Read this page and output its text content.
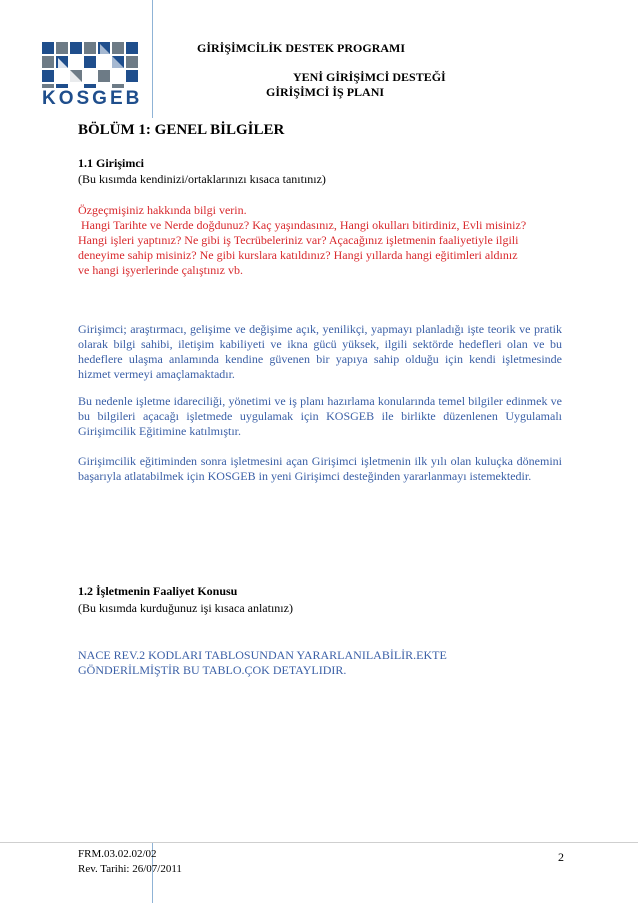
KOSGEB
GİRİŞİMCİLİK DESTEK PROGRAMI
YENİ GİRİŞİMCİ DESTEĞİ
GİRİŞİMCİ İŞ PLANI
BÖLÜM 1: GENEL BİLGİLER
1.1 Girişimci
(Bu kısımda kendinizi/ortaklarınızı kısaca tanıtınız)

Özgeçmişiniz hakkında bilgi verin.

Hangi Tarihte ve Nerde doğdunuz? Kaç yaşındasınız, Hangi okulları bitirdiniz, Evli misiniz?

Hangi işleri yaptınız? Ne gibi iş Tecrübeleriniz var? Açacağınız işletmenin faaliyetiyle ilgili

deneyime sahip misiniz? Ne gibi kurslara katıldınız? Hangi yıllarda hangi eğitimleri aldınız

ve hangi işyerlerinde çalıştınız vb.

Girişimci; araştırmacı, gelişime ve değişime açık, yenilikçi, yapmayı planladığı işte teorik ve pratik olarak bilgi sahibi, iletişim kabiliyeti ve ikna gücü yüksek, ilgili sektörde hedefleri olan ve bu hedeflere ulaşma anlamında kendine güvenen bir yapıya sahip olduğu için kendi işletmesinde hizmet vermeyi amaçlamaktadır.
Bu nedenle işletme idareciliği, yönetimi ve iş planı hazırlama konularında temel bilgiler edinmek ve bu bilgileri açacağı işletmede uygulamak için KOSGEB ile birlikte düzenlenen Uygulamalı Girişimcilik Eğitimine katılmıştır.
Girişimcilik eğitiminden sonra işletmesini açan Girişimci işletmenin ilk yılı olan kuluçka dönemini başarıyla atlatabilmek için KOSGEB in yeni Girişimci desteğinden yararlanmayı istemektedir.
1.2 İşletmenin Faaliyet Konusu
(Bu kısımda kurduğunuz işi kısaca anlatınız)

NACE REV.2 KODLARI TABLOSUNDAN YARARLANILABİLİR.EKTE

GÖNDERİLMİŞTİR BU TABLO.ÇOK DETAYLIDIR.

FRM.03.02.02/02
Rev. Tarihi: 26/07/2011
2
